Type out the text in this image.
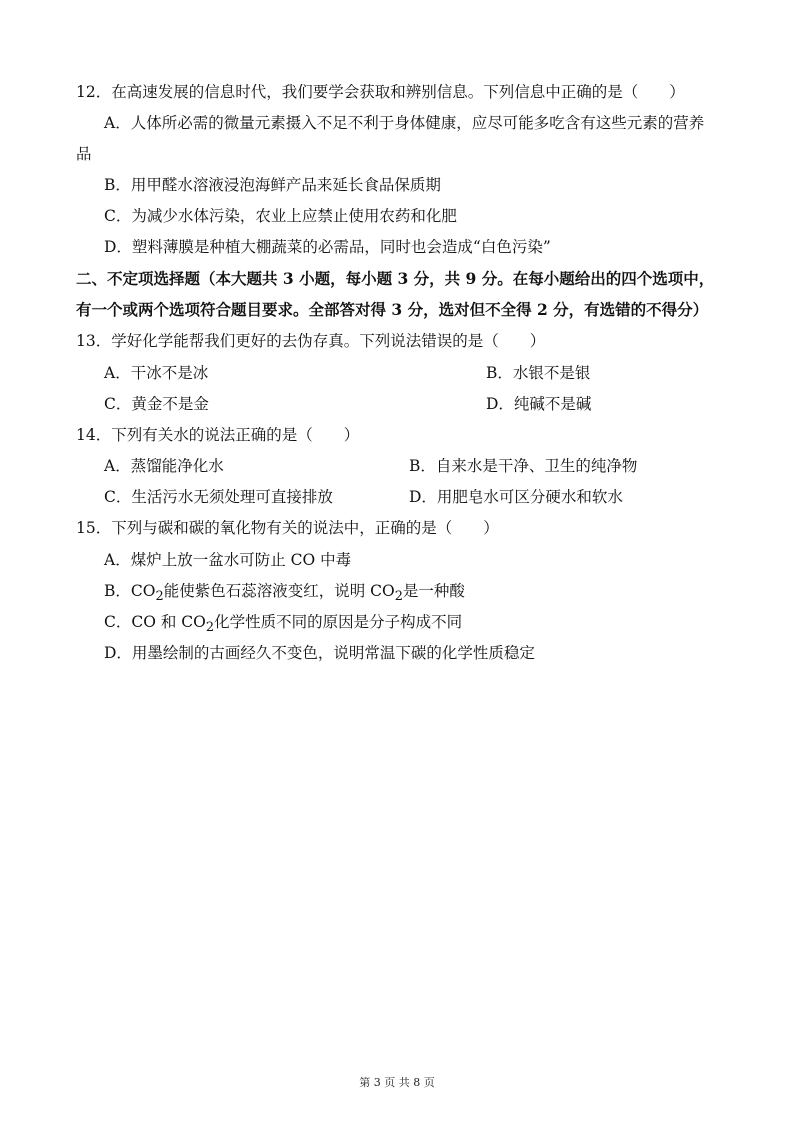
12．在高速发展的信息时代，我们要学会获取和辨别信息。下列信息中正确的是（　　）
A．人体所必需的微量元素摄入不足不利于身体健康，应尽可能多吃含有这些元素的营养
品
B．用甲醛水溶液浸泡海鲜产品来延长食品保质期
C．为减少水体污染，农业上应禁止使用农药和化肥
D．塑料薄膜是种植大棚蔬菜的必需品，同时也会造成“白色污染”
二、不定项选择题（本大题共 3 小题，每小题 3 分，共 9 分。在每小题给出的四个选项中，
有一个或两个选项符合题目要求。全部答对得 3 分，选对但不全得 2 分，有选错的不得分）
13．学好化学能帮我们更好的去伪存真。下列说法错误的是（　　）
A．干冰不是冰	B．水银不是银
C．黄金不是金	D．纯碱不是碱
14．下列有关水的说法正确的是（　　）
A．蒸馏能净化水	B．自来水是干净、卫生的纯净物
C．生活污水无须处理可直接排放	D．用肥皂水可区分硬水和软水
15．下列与碳和碳的氧化物有关的说法中，正确的是（　　）
A．煤炉上放一盆水可防止 CO 中毒
B．$CO_2$能使紫色石蕊溶液变红，说明 $CO_2$是一种酸
C．CO 和 $CO_2$化学性质不同的原因是分子构成不同
D．用墨绘制的古画经久不变色，说明常温下碳的化学性质稳定
第 3 页 共 8 页
